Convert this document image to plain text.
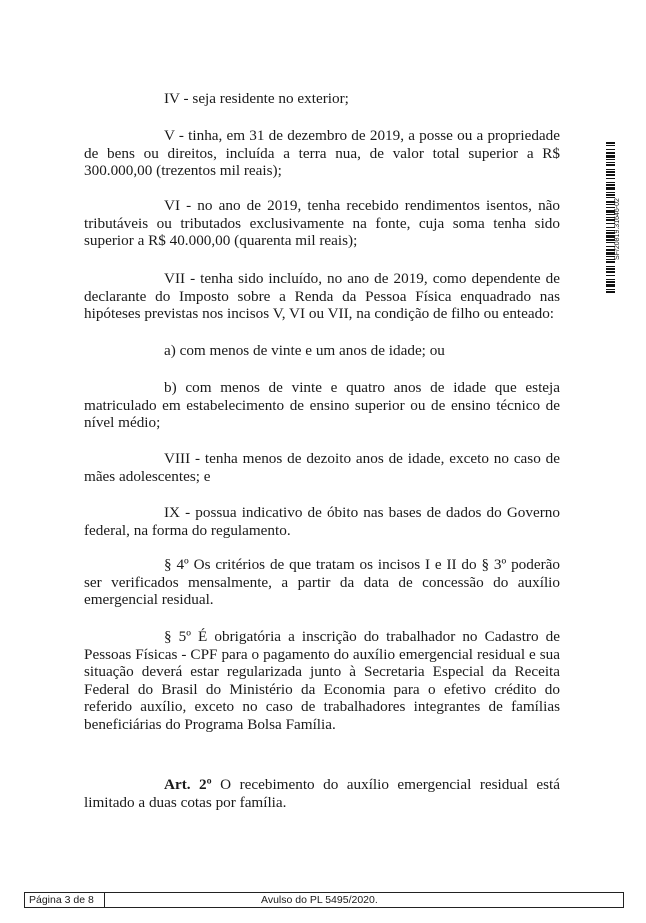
IV - seja residente no exterior;

V - tinha, em 31 de dezembro de 2019, a posse ou a propriedade de bens ou direitos, incluída a terra nua, de valor total superior a R$ 300.000,00 (trezentos mil reais);

VI - no ano de 2019, tenha recebido rendimentos isentos, não tributáveis ou tributados exclusivamente na fonte, cuja soma tenha sido superior a R$ 40.000,00 (quarenta mil reais);

VII - tenha sido incluído, no ano de 2019, como dependente de declarante do Imposto sobre a Renda da Pessoa Física enquadrado nas hipóteses previstas nos incisos V, VI ou VII, na condição de filho ou enteado:

a) com menos de vinte e um anos de idade; ou

b) com menos de vinte e quatro anos de idade que esteja matriculado em estabelecimento de ensino superior ou de ensino técnico de nível médio;

VIII - tenha menos de dezoito anos de idade, exceto no caso de mães adolescentes; e

IX - possua indicativo de óbito nas bases de dados do Governo federal, na forma do regulamento.

§ 4º Os critérios de que tratam os incisos I e II do § 3º poderão ser verificados mensalmente, a partir da data de concessão do auxílio emergencial residual.

§ 5º É obrigatória a inscrição do trabalhador no Cadastro de Pessoas Físicas - CPF para o pagamento do auxílio emergencial residual e sua situação deverá estar regularizada junto à Secretaria Especial da Receita Federal do Brasil do Ministério da Economia para o efetivo crédito do referido auxílio, exceto no caso de trabalhadores integrantes de famílias beneficiárias do Programa Bolsa Família.

Art. 2º O recebimento do auxílio emergencial residual está limitado a duas cotas por família.

SF/20819.31646-02
Página 3 de 8	Avulso do PL 5495/2020.
